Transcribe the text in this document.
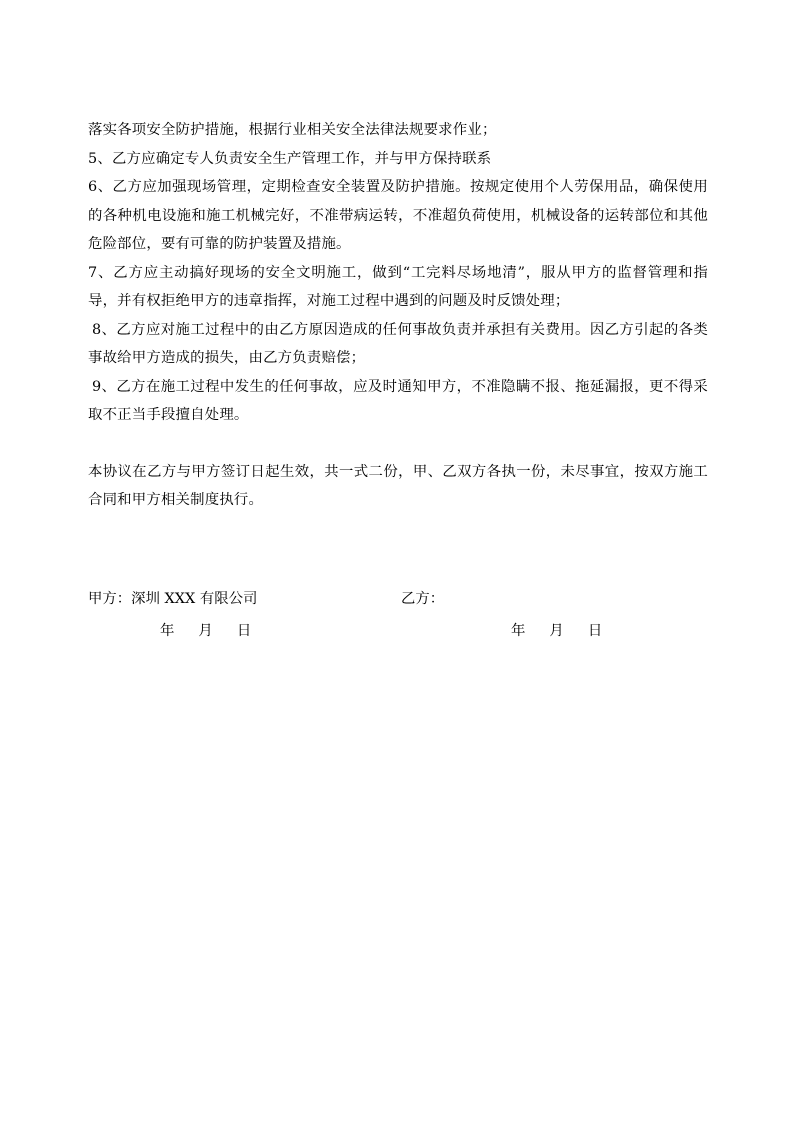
落实各项安全防护措施，根据行业相关安全法律法规要求作业；

5、乙方应确定专人负责安全生产管理工作，并与甲方保持联系

6、乙方应加强现场管理，定期检查安全装置及防护措施。按规定使用个人劳保用品，确保使用的各种机电设施和施工机械完好，不准带病运转，不准超负荷使用，机械设备的运转部位和其他危险部位，要有可靠的防护装置及措施。

7、乙方应主动搞好现场的安全文明施工，做到“工完料尽场地清”，服从甲方的监督管理和指导，并有权拒绝甲方的违章指挥，对施工过程中遇到的问题及时反馈处理；

8、乙方应对施工过程中的由乙方原因造成的任何事故负责并承担有关费用。因乙方引起的各类事故给甲方造成的损失，由乙方负责赔偿；

9、乙方在施工过程中发生的任何事故，应及时通知甲方，不准隐瞒不报、拖延漏报，更不得采取不正当手段擅自处理。

本协议在乙方与甲方签订日起生效，共一式二份，甲、乙双方各执一份，未尽事宜，按双方施工合同和甲方相关制度执行。

甲方：深圳 XXX 有限公司	乙方：
年 月 日	年 月 日
